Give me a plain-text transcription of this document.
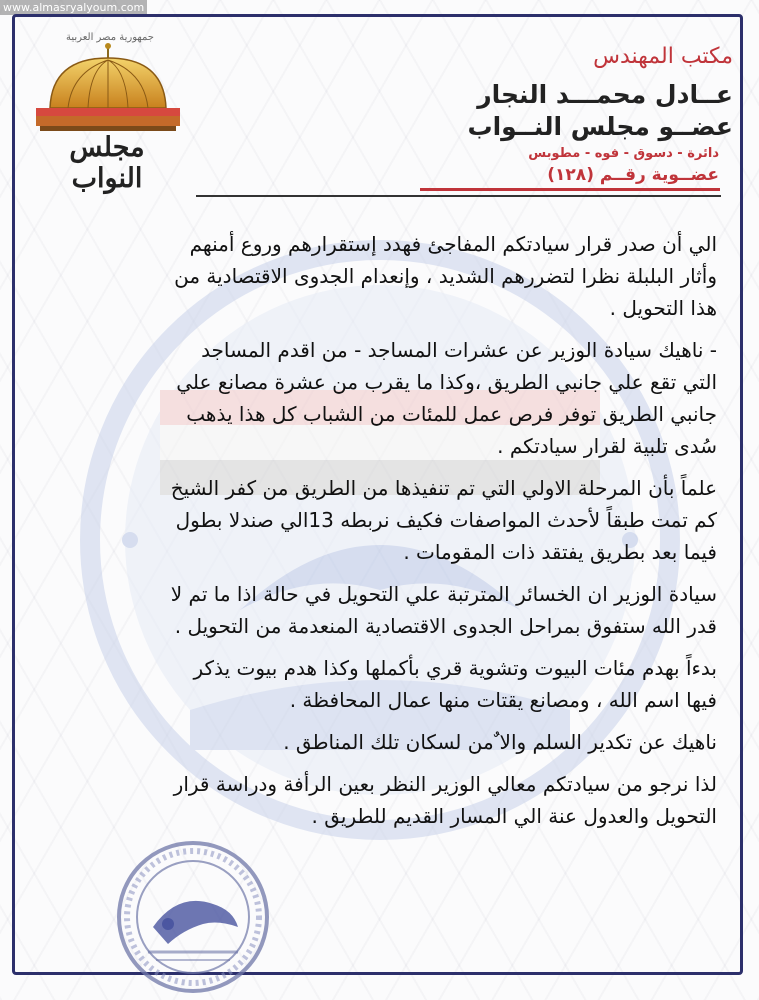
www.almasryalyoum.com
جمهورية مصر العربية
مجلس النواب
مكتب المهندس
عــادل محمـــد النجار
عضــو مجلس النــواب
دائرة - دسوق - فوه - مطوبس
عضــوية رقــم (١٢٨)

الي أن صدر قرار سيادتكم المفاجئ فهدد إستقرارهم وروع أمنهم
وأثار البلبلة نظرا لتضررهم الشديد ، وإنعدام الجدوى الاقتصادية من
هذا التحويل .

- ناهيك سيادة الوزير عن عشرات المساجد - من اقدم المساجد
التي تقع علي جانبي الطريق ،وكذا ما يقرب من عشرة مصانع علي
جانبي الطريق توفر فرص عمل للمئات من الشباب كل هذا يذهب
سُدى تلبية لقرار سيادتكم .

علماً بأن المرحلة الاولي التي تم تنفيذها من الطريق من كفر الشيخ
كم تمت طبقاً لأحدث المواصفات فكيف نربطه 13الي صندلا بطول
فيما بعد بطريق يفتقد ذات المقومات .

سيادة الوزير ان الخسائر المترتبة علي التحويل في حالة اذا ما تم لا
قدر الله ستفوق بمراحل الجدوى الاقتصادية المنعدمة من التحويل .

بدءاً بهدم مئات البيوت وتشوية قري بأكملها وكذا هدم بيوت يذكر
فيها اسم الله ، ومصانع يقتات منها عمال المحافظة .

ناهيك عن تكدير السلم والا ٌمن لسكان تلك المناطق .

لذا نرجو من سيادتكم معالي الوزير النظر بعين الرأفة ودراسة قرار
التحويل والعدول عنة الي المسار القديم للطريق .
